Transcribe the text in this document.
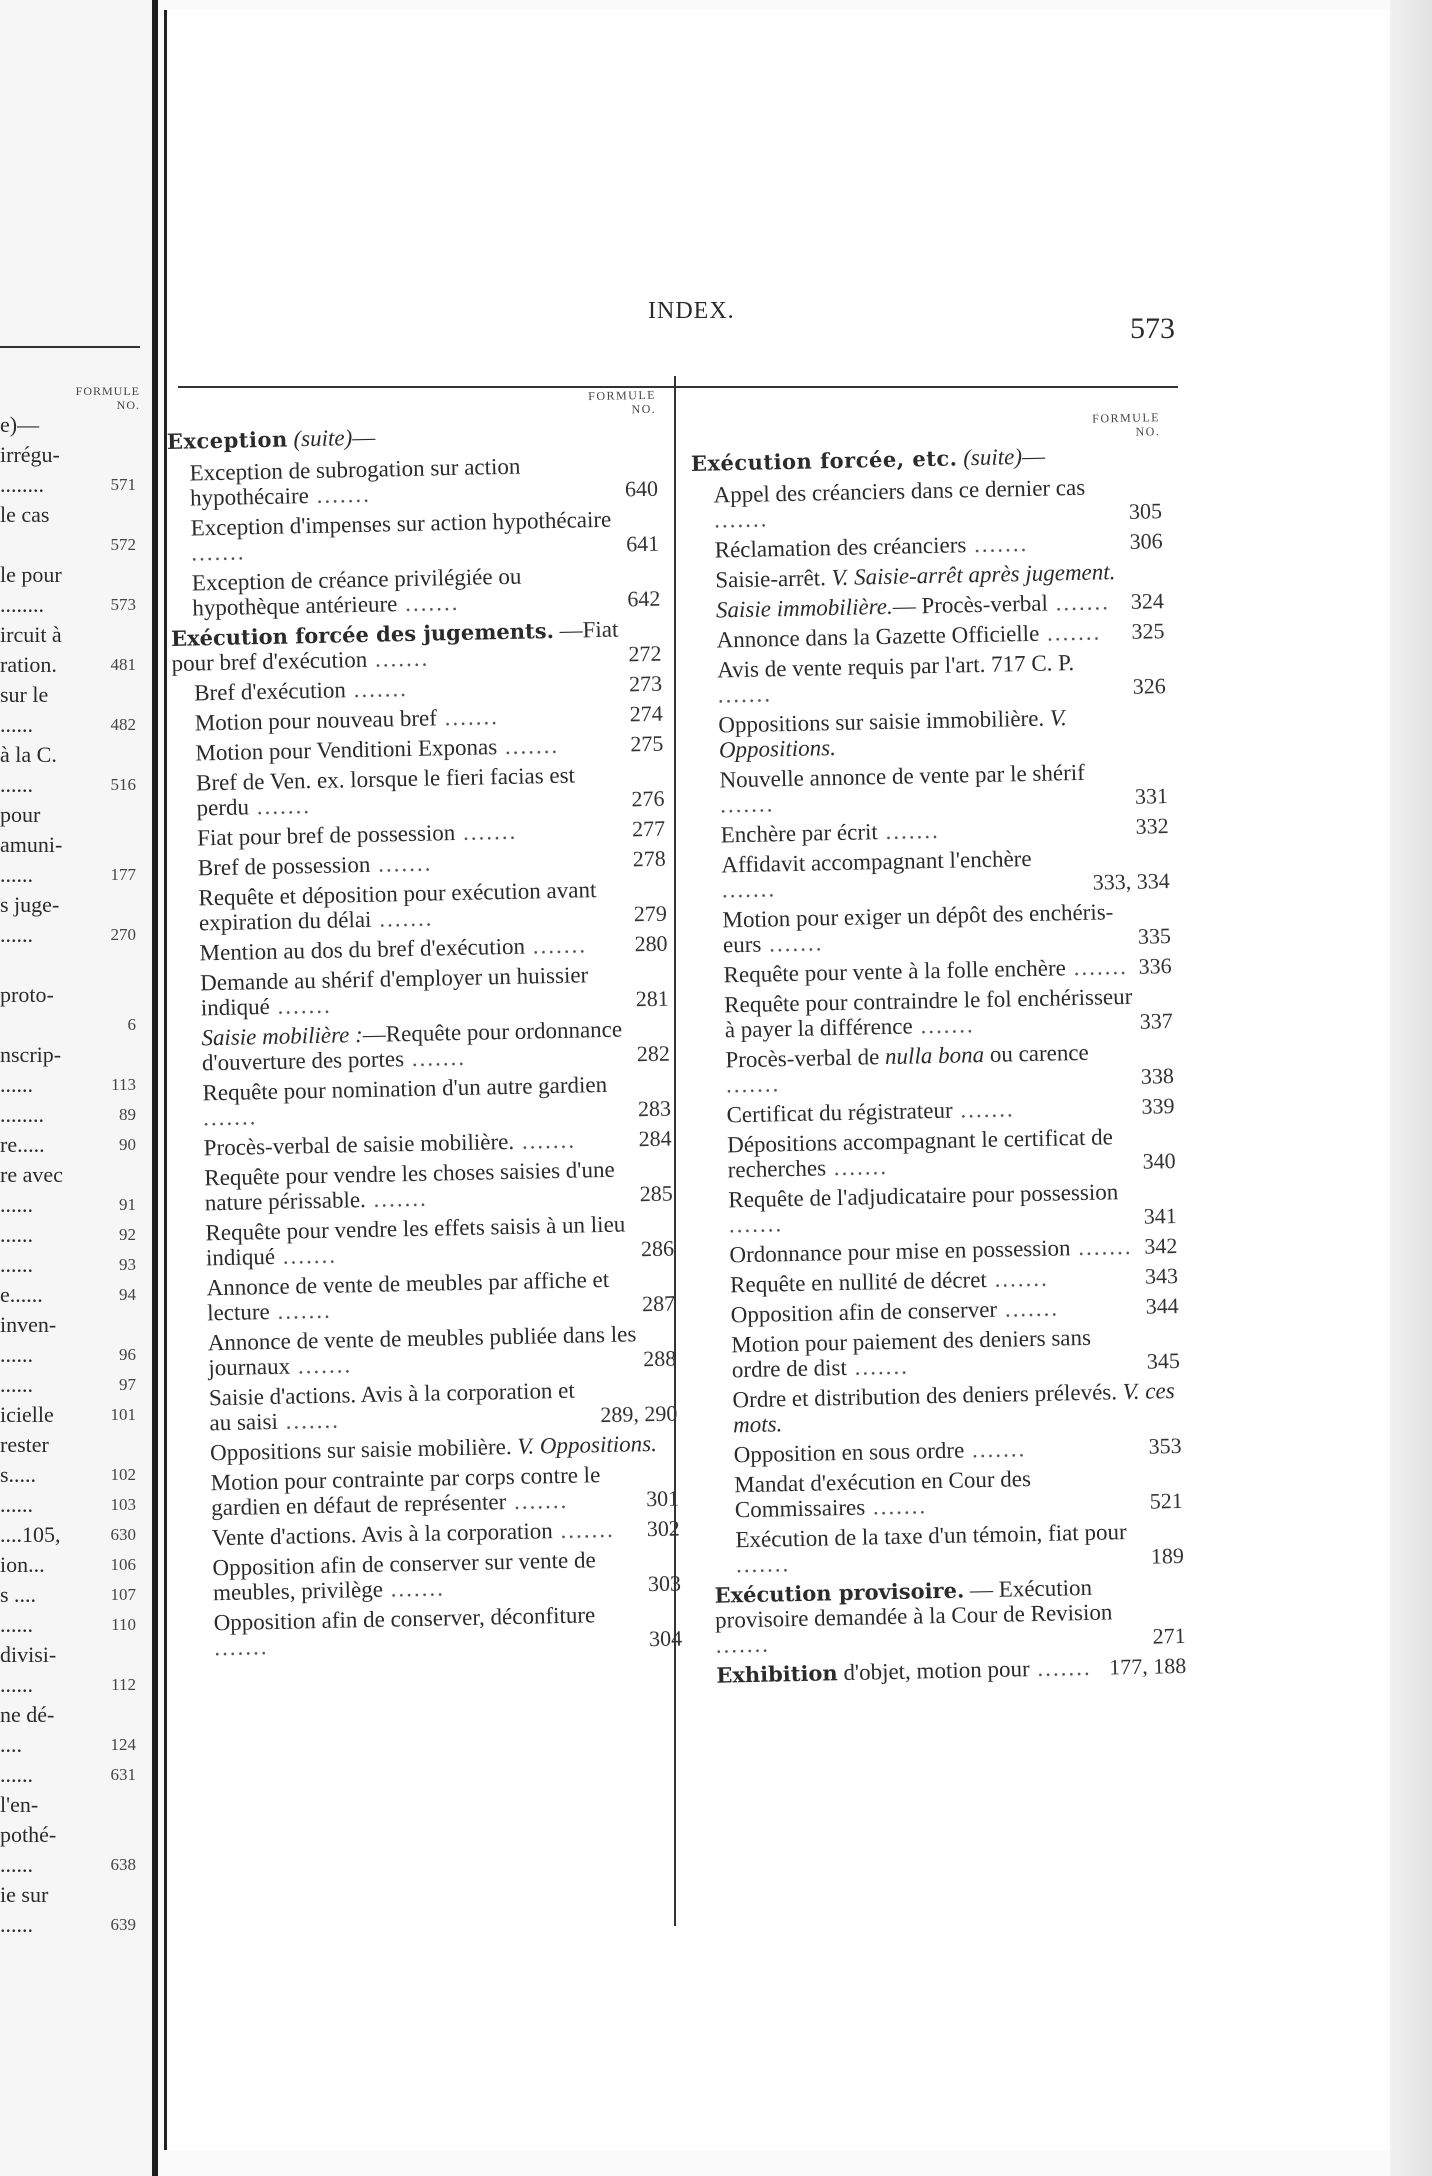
FORMULE
NO.
e)—
irrégu-
........	571
le cas
572
le pour
........	573
ircuit à
ration.	481
sur le
......	482
à la C.
......	516
pour
amuni-
......	177
s juge-
......	270
proto-
6
nscrip-
......	113
........	89
re.....	90
re avec
......	91
......	92
......	93
e......	94
inven-
......	96
......	97
icielle	101
rester
s.....	102
......	103
....105,	630
ion...	106
s ....	107
......	110
divisi-
......	112
ne dé-
....	124
......	631
l'en-
pothé-
......	638
ie sur
......	639
INDEX.
573
FORMULE
NO.
Exception (suite)—
Exception de subrogation sur action hypothécaire .......	640
Exception d'impenses sur action hypothécaire .......	641
Exception de créance privilégiée ou hypothèque antérieure .......	642
Exécution forcée des jugements. —Fiat pour bref d'exécution .......	272
Bref d'exécution .......	273
Motion pour nouveau bref .......	274
Motion pour Venditioni Exponas .......	275
Bref de Ven. ex. lorsque le fieri facias est perdu .......	276
Fiat pour bref de possession .......	277
Bref de possession .......	278
Requête et déposition pour exécution avant expiration du délai .......	279
Mention au dos du bref d'exécution .......	280
Demande au shérif d'employer un huissier indiqué .......	281
Saisie mobilière :—Requête pour ordonnance d'ouverture des portes .......	282
Requête pour nomination d'un autre gardien .......	283
Procès-verbal de saisie mobilière. .......	284
Requête pour vendre les choses saisies d'une nature périssable. .......	285
Requête pour vendre les effets saisis à un lieu indiqué .......	286
Annonce de vente de meubles par affiche et lecture .......	287
Annonce de vente de meubles publiée dans les journaux .......	288
Saisie d'actions. Avis à la corporation et au saisi .......	289, 290
Oppositions sur saisie mobilière. V. Oppositions.
Motion pour contrainte par corps contre le gardien en défaut de représenter .......	301
Vente d'actions. Avis à la corporation .......	302
Opposition afin de conserver sur vente de meubles, privilège .......	303
Opposition afin de conserver, déconfiture .......	304
FORMULE
NO.
Exécution forcée, etc. (suite)—
Appel des créanciers dans ce dernier cas .......	305
Réclamation des créanciers .......	306
Saisie-arrêt. V. Saisie-arrêt après jugement.
Saisie immobilière.— Procès-verbal ....... 324
Annonce dans la Gazette Officielle .......	325
Avis de vente requis par l'art. 717 C. P. .......	326
Oppositions sur saisie immobilière. V. Oppositions.
Nouvelle annonce de vente par le shérif .......	331
Enchère par écrit .......	332
Affidavit accompagnant l'enchère .......	333, 334
Motion pour exiger un dépôt des enchéris-eurs .......	335
Requête pour vente à la folle enchère ....... 336
Requête pour contraindre le fol enchérisseur à payer la différence .......	337
Procès-verbal de nulla bona ou carence .......	338
Certificat du régistrateur .......	339
Dépositions accompagnant le certificat de recherches .......	340
Requête de l'adjudicataire pour possession .......	341
Ordonnance pour mise en possession ....... 342
Requête en nullité de décret .......	343
Opposition afin de conserver .......	344
Motion pour paiement des deniers sans ordre de dist .......	345
Ordre et distribution des deniers prélevés. V. ces mots.
Opposition en sous ordre .......	353
Mandat d'exécution en Cour des Commissaires .......	521
Exécution de la taxe d'un témoin, fiat pour .......	189
Exécution provisoire. — Exécution provisoire demandée à la Cour de Revision .......	271
Exhibition d'objet, motion pour ....... 177, 188
